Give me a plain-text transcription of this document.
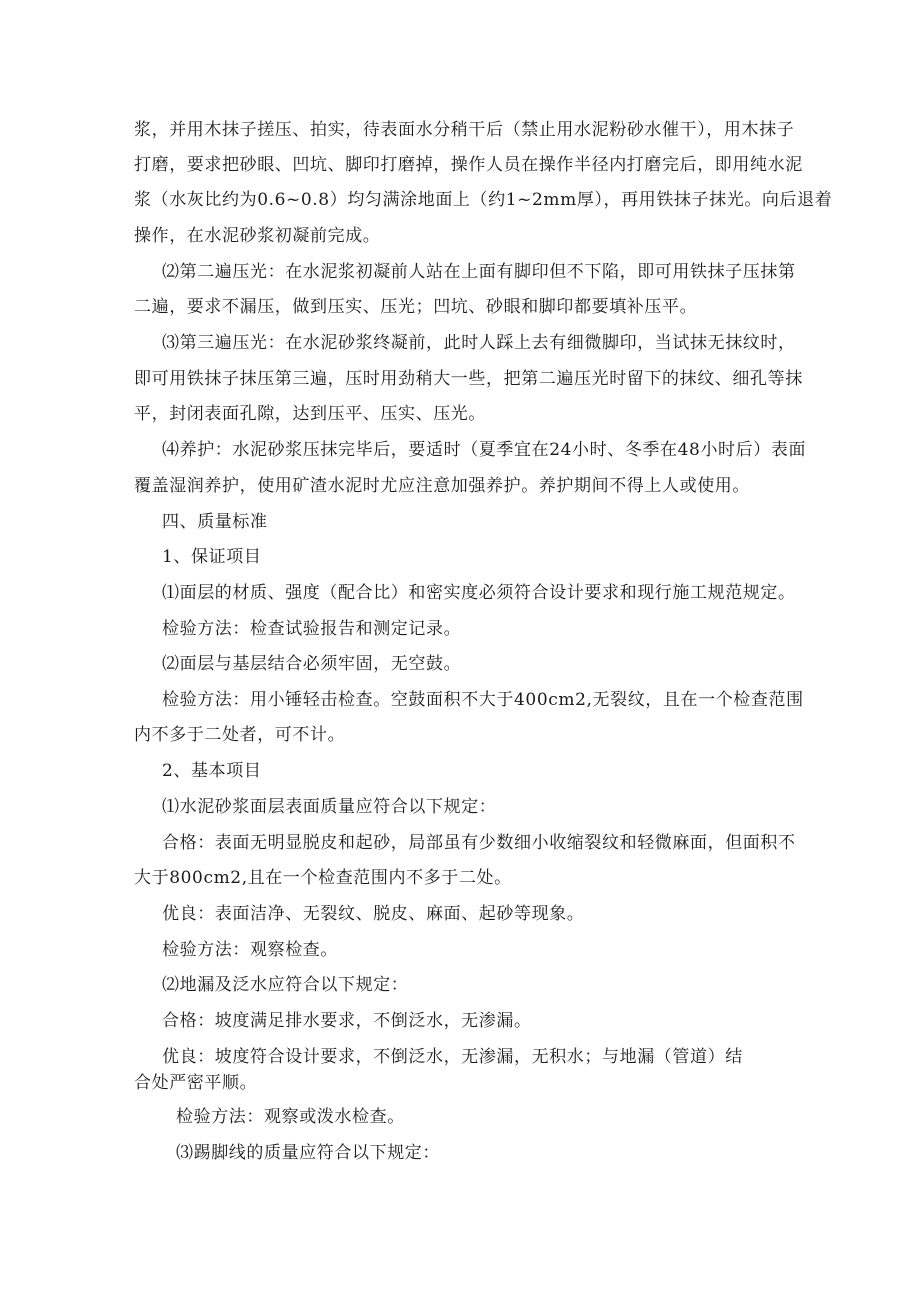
浆，并用木抹子搓压、拍实，待表面水分稍干后（禁止用水泥粉砂水催干），用木抹子

打磨，要求把砂眼、凹坑、脚印打磨掉，操作人员在操作半径内打磨完后，即用纯水泥

浆（水灰比约为0.6~0.8）均匀满涂地面上（约1~2mm厚），再用铁抹子抹光。向后退着

操作，在水泥砂浆初凝前完成。

⑵第二遍压光：在水泥浆初凝前人站在上面有脚印但不下陷，即可用铁抹子压抹第

二遍，要求不漏压，做到压实、压光；凹坑、砂眼和脚印都要填补压平。

⑶第三遍压光：在水泥砂浆终凝前，此时人踩上去有细微脚印，当试抹无抹纹时，

即可用铁抹子抹压第三遍，压时用劲稍大一些，把第二遍压光时留下的抹纹、细孔等抹

平，封闭表面孔隙，达到压平、压实、压光。

⑷养护：水泥砂浆压抹完毕后，要适时（夏季宜在24小时、冬季在48小时后）表面

覆盖湿润养护，使用矿渣水泥时尤应注意加强养护。养护期间不得上人或使用。

四、质量标准

1、保证项目

⑴面层的材质、强度（配合比）和密实度必须符合设计要求和现行施工规范规定。

检验方法：检查试验报告和测定记录。

⑵面层与基层结合必须牢固，无空鼓。

检验方法：用小锤轻击检查。空鼓面积不大于400cm2,无裂纹，且在一个检查范围

内不多于二处者，可不计。

2、基本项目

⑴水泥砂浆面层表面质量应符合以下规定：

合格：表面无明显脱皮和起砂，局部虽有少数细小收缩裂纹和轻微麻面，但面积不

大于800cm2,且在一个检查范围内不多于二处。

优良：表面洁净、无裂纹、脱皮、麻面、起砂等现象。

检验方法：观察检查。

⑵地漏及泛水应符合以下规定：

合格：坡度满足排水要求，不倒泛水，无渗漏。

优良：坡度符合设计要求，不倒泛水，无渗漏，无积水；与地漏（管道）结

合处严密平顺。

检验方法：观察或泼水检查。

⑶踢脚线的质量应符合以下规定：
